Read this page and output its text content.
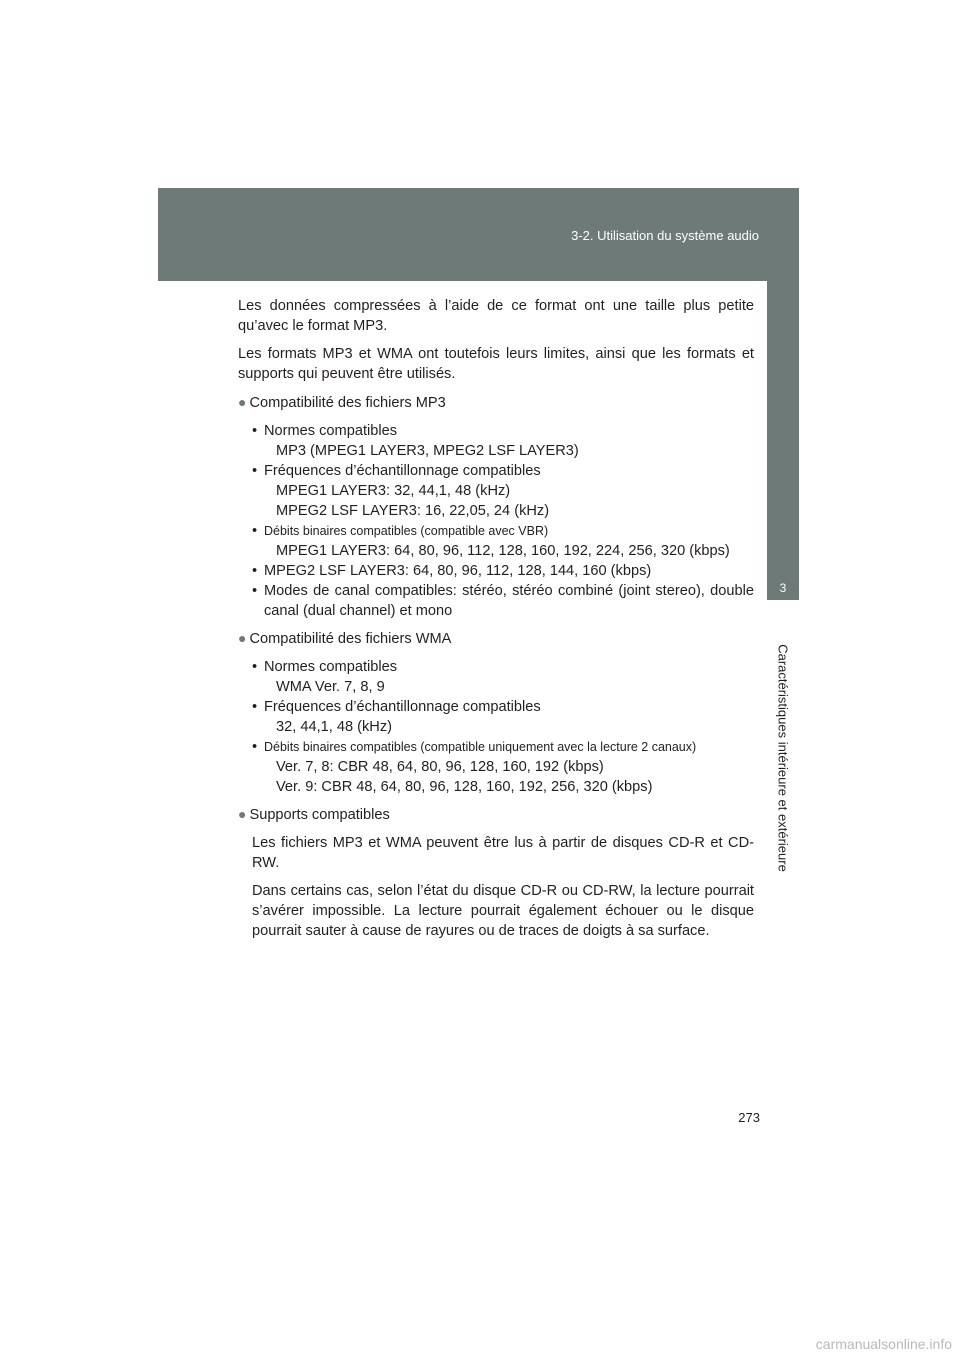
3-2. Utilisation du système audio
3
Caractéristiques intérieure et extérieure

Les données compressées à l’aide de ce format ont une taille plus petite qu’avec le format MP3.

Les formats MP3 et WMA ont toutefois leurs limites, ainsi que les formats et supports qui peuvent être utilisés.

● Compatibilité des fichiers MP3
• Normes compatibles
MP3 (MPEG1 LAYER3, MPEG2 LSF LAYER3)
• Fréquences d’échantillonnage compatibles
MPEG1 LAYER3: 32, 44,1, 48 (kHz)
MPEG2 LSF LAYER3: 16, 22,05, 24 (kHz)
• Débits binaires compatibles (compatible avec VBR)
MPEG1 LAYER3: 64, 80, 96, 112, 128, 160, 192, 224, 256, 320 (kbps)
• MPEG2 LSF LAYER3: 64, 80, 96, 112, 128, 144, 160 (kbps)
• Modes de canal compatibles: stéréo, stéréo combiné (joint stereo), double canal (dual channel) et mono
● Compatibilité des fichiers WMA
• Normes compatibles
WMA Ver. 7, 8, 9
• Fréquences d’échantillonnage compatibles
32, 44,1, 48 (kHz)
• Débits binaires compatibles (compatible uniquement avec la lecture 2 canaux)
Ver. 7, 8: CBR 48, 64, 80, 96, 128, 160, 192 (kbps)
Ver. 9: CBR 48, 64, 80, 96, 128, 160, 192, 256, 320 (kbps)
● Supports compatibles

Les fichiers MP3 et WMA peuvent être lus à partir de disques CD-R et CD-RW.

Dans certains cas, selon l’état du disque CD-R ou CD-RW, la lecture pourrait s’avérer impossible. La lecture pourrait également échouer ou le disque pourrait sauter à cause de rayures ou de traces de doigts à sa surface.

273
carmanualsonline.info
